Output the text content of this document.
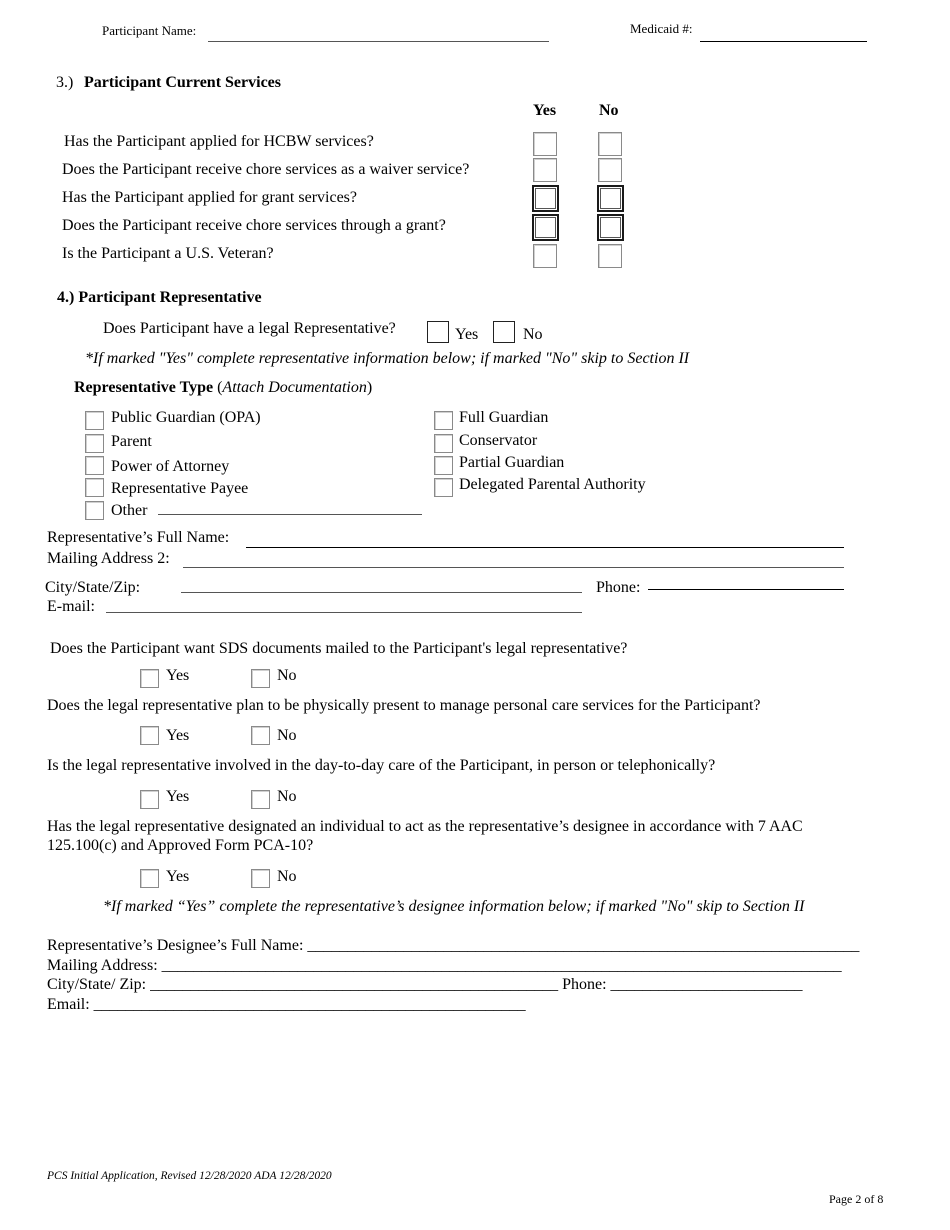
Participant Name:	Medicaid #:
3.) Participant Current Services
Yes	No
Has the Participant applied for HCBW services?
Does the Participant receive chore services as a waiver service?
Has the Participant applied for grant services?
Does the Participant receive chore services through a grant?
Is the Participant a U.S. Veteran?
4.) Participant Representative
Does Participant have a legal Representative?	Yes	No
*If marked "Yes" complete representative information below; if marked "No" skip to Section II
Representative Type (Attach Documentation)
Public Guardian (OPA)
Parent
Power of Attorney
Representative Payee
Other
Full Guardian
Conservator
Partial Guardian
Delegated Parental Authority
Representative’s Full Name:
Mailing Address 2:
City/State/Zip:	Phone:
E-mail:
Does the Participant want SDS documents mailed to the Participant's legal representative?
Yes	No
Does the legal representative plan to be physically present to manage personal care services for the Participant?
Yes	No
Is the legal representative involved in the day-to-day care of the Participant, in person or telephonically?
Yes	No
Has the legal representative designated an individual to act as the representative’s designee in accordance with 7 AAC
125.100(c) and Approved Form PCA-10?
Yes	No
*If marked “Yes” complete the representative’s designee information below; if marked "No" skip to Section II
Representative’s Designee’s Full Name: _____________________________________________________________________
Mailing Address: _____________________________________________________________________________________
City/State/ Zip: ___________________________________________________ Phone: ________________________
Email: ______________________________________________________
PCS Initial Application, Revised 12/28/2020 ADA 12/28/2020
Page 2 of 8
